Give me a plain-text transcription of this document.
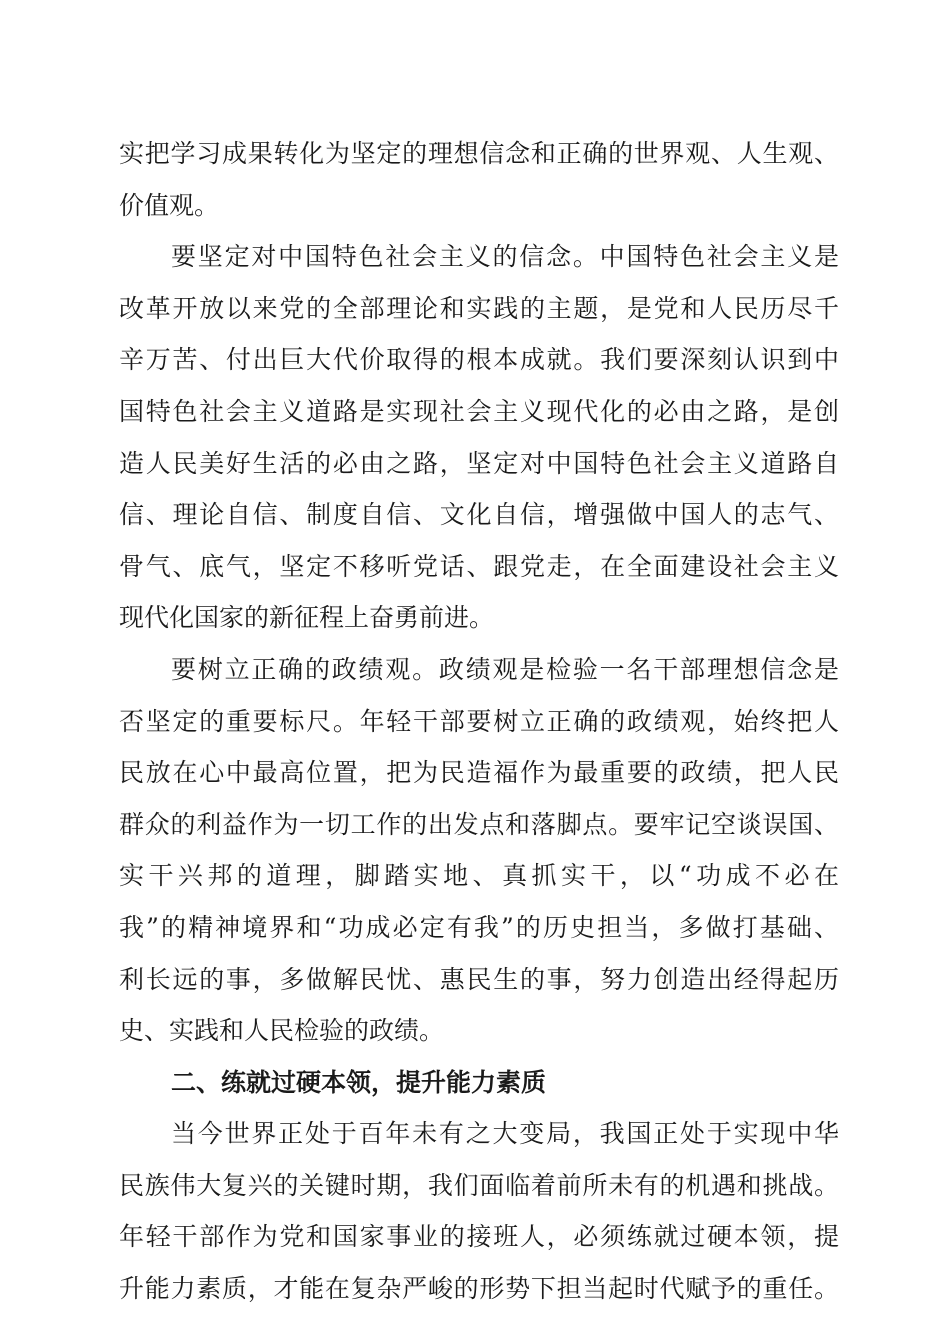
实把学习成果转化为坚定的理想信念和正确的世界观、人生观、
价值观。
要坚定对中国特色社会主义的信念。中国特色社会主义是
改革开放以来党的全部理论和实践的主题，是党和人民历尽千
辛万苦、付出巨大代价取得的根本成就。我们要深刻认识到中
国特色社会主义道路是实现社会主义现代化的必由之路，是创
造人民美好生活的必由之路，坚定对中国特色社会主义道路自
信、理论自信、制度自信、文化自信，增强做中国人的志气、
骨气、底气，坚定不移听党话、跟党走，在全面建设社会主义
现代化国家的新征程上奋勇前进。
要树立正确的政绩观。政绩观是检验一名干部理想信念是
否坚定的重要标尺。年轻干部要树立正确的政绩观，始终把人
民放在心中最高位置，把为民造福作为最重要的政绩，把人民
群众的利益作为一切工作的出发点和落脚点。要牢记空谈误国、
实干兴邦的道理，脚踏实地、真抓实干，以“功成不必在
我”的精神境界和“功成必定有我”的历史担当，多做打基础、
利长远的事，多做解民忧、惠民生的事，努力创造出经得起历
史、实践和人民检验的政绩。
二、练就过硬本领，提升能力素质
当今世界正处于百年未有之大变局，我国正处于实现中华
民族伟大复兴的关键时期，我们面临着前所未有的机遇和挑战。
年轻干部作为党和国家事业的接班人，必须练就过硬本领，提
升能力素质，才能在复杂严峻的形势下担当起时代赋予的重任。
